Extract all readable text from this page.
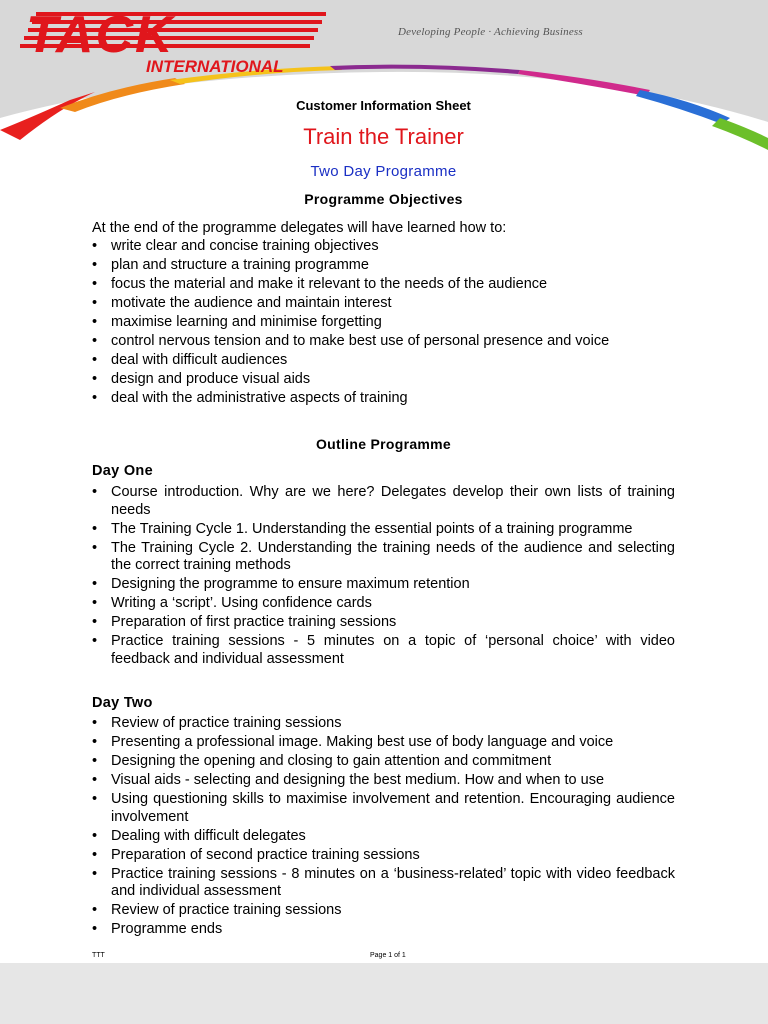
TACK
INTERNATIONAL
Developing People · Achieving Business
Customer Information Sheet
Train the Trainer
Two Day Programme
Programme Objectives
At the end of the programme delegates will have learned how to:
• write clear and concise training objectives
• plan and structure a training programme
• focus the material and make it relevant to the needs of the audience
• motivate the audience and maintain interest
• maximise learning and minimise forgetting
• control nervous tension and to make best use of personal presence and voice
• deal with difficult audiences
• design and produce visual aids
• deal with the administrative aspects of training
Outline Programme
Day One
• Course introduction. Why are we here? Delegates develop their own lists of training needs
• The Training Cycle 1. Understanding the essential points of a training programme
• The Training Cycle 2. Understanding the training needs of the audience and selecting the correct training methods
• Designing the programme to ensure maximum retention
• Writing a ‘script’. Using confidence cards
• Preparation of first practice training sessions
• Practice training sessions - 5 minutes on a topic of ‘personal choice’ with video feedback and individual assessment
Day Two
• Review of practice training sessions
• Presenting a professional image. Making best use of body language and voice
• Designing the opening and closing to gain attention and commitment
• Visual aids - selecting and designing the best medium. How and when to use
• Using questioning skills to maximise involvement and retention. Encouraging audience involvement
• Dealing with difficult delegates
• Preparation of second practice training sessions
• Practice training sessions - 8 minutes on a ‘business-related’ topic with video feedback and individual assessment
• Review of practice training sessions
• Programme ends
TTT	Page 1 of 1
